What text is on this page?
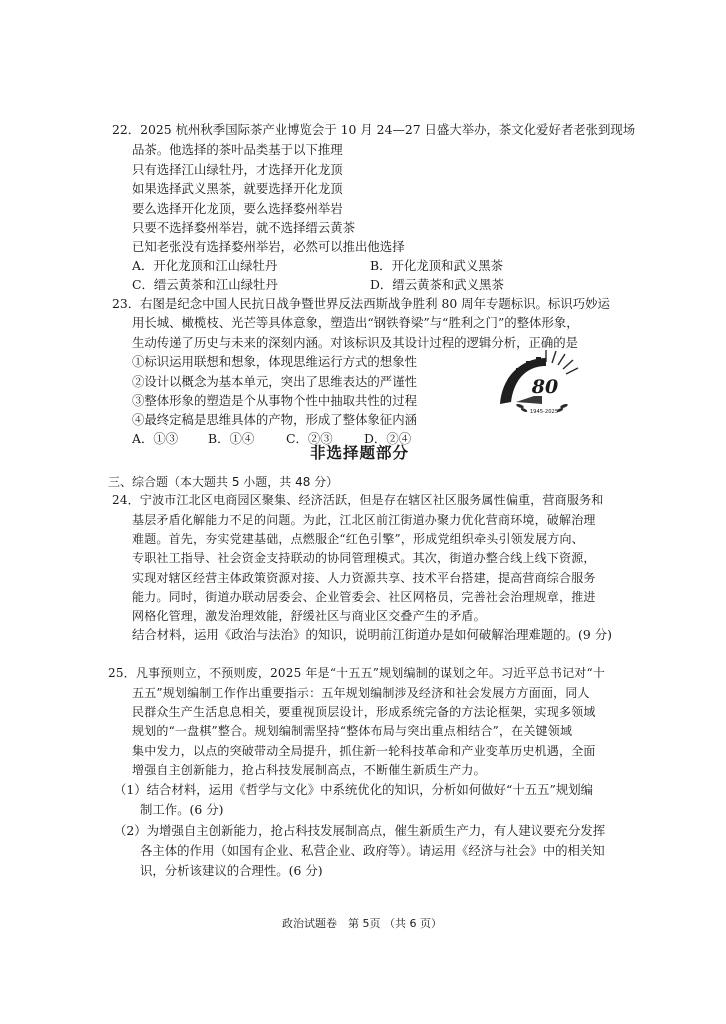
22．2025 杭州秋季国际茶产业博览会于 10 月 24—27 日盛大举办，茶文化爱好者老张到现场
品茶。他选择的茶叶品类基于以下推理
只有选择江山绿牡丹，才选择开化龙顶
如果选择武义黑茶，就要选择开化龙顶
要么选择开化龙顶，要么选择婺州举岩
只要不选择婺州举岩，就不选择缙云黄茶
已知老张没有选择婺州举岩，必然可以推出他选择
A．开化龙顶和江山绿牡丹	B．开化龙顶和武义黑茶
C．缙云黄茶和江山绿牡丹	D．缙云黄茶和武义黑茶
23．右图是纪念中国人民抗日战争暨世界反法西斯战争胜利 80 周年专题标识。标识巧妙运
用长城、橄榄枝、光芒等具体意象，塑造出“钢铁脊梁”与“胜利之门”的整体形象，
生动传递了历史与未来的深刻内涵。对该标识及其设计过程的逻辑分析，正确的是
①标识运用联想和想象，体现思维运行方式的想象性
②设计以概念为基本单元，突出了思维表达的严谨性
③整体形象的塑造是个从事物个性中抽取共性的过程
④最终定稿是思维具体的产物，形成了整体象征内涵
A．①③ B．①④	C．②③	D．②④
80
1945-2025
非选择题部分
三、综合题（本大题共 5 小题，共 48 分）
24．宁波市江北区电商园区聚集、经济活跃，但是存在辖区社区服务属性偏重，营商服务和
基层矛盾化解能力不足的问题。为此，江北区前江街道办聚力优化营商环境，破解治理
难题。首先，夯实党建基础，点燃服企“红色引擎”，形成党组织牵头引领发展方向、
专职社工指导、社会资金支持联动的协同管理模式。其次，街道办整合线上线下资源，
实现对辖区经营主体政策资源对接、人力资源共享、技术平台搭建，提高营商综合服务
能力。同时，街道办联动居委会、企业管委会、社区网格员，完善社会治理规章，推进
网格化管理，激发治理效能，舒缓社区与商业区交叠产生的矛盾。
结合材料，运用《政治与法治》的知识，说明前江街道办是如何破解治理难题的。(9 分)
25．凡事预则立，不预则废，2025 年是“十五五”规划编制的谋划之年。习近平总书记对“十
五五”规划编制工作作出重要指示：五年规划编制涉及经济和社会发展方方面面，同人
民群众生产生活息息相关，要重视顶层设计，形成系统完备的方法论框架，实现多领域
规划的“一盘棋”整合。规划编制需坚持“整体布局与突出重点相结合”，在关键领域
集中发力，以点的突破带动全局提升，抓住新一轮科技革命和产业变革历史机遇，全面
增强自主创新能力，抢占科技发展制高点，不断催生新质生产力。
（1）结合材料，运用《哲学与文化》中系统优化的知识，分析如何做好“十五五”规划编
制工作。(6 分)
（2）为增强自主创新能力，抢占科技发展制高点，催生新质生产力，有人建议要充分发挥
各主体的作用（如国有企业、私营企业、政府等）。请运用《经济与社会》中的相关知
识，分析该建议的合理性。(6 分)
政治试题卷　第 5页 （共 6 页）
